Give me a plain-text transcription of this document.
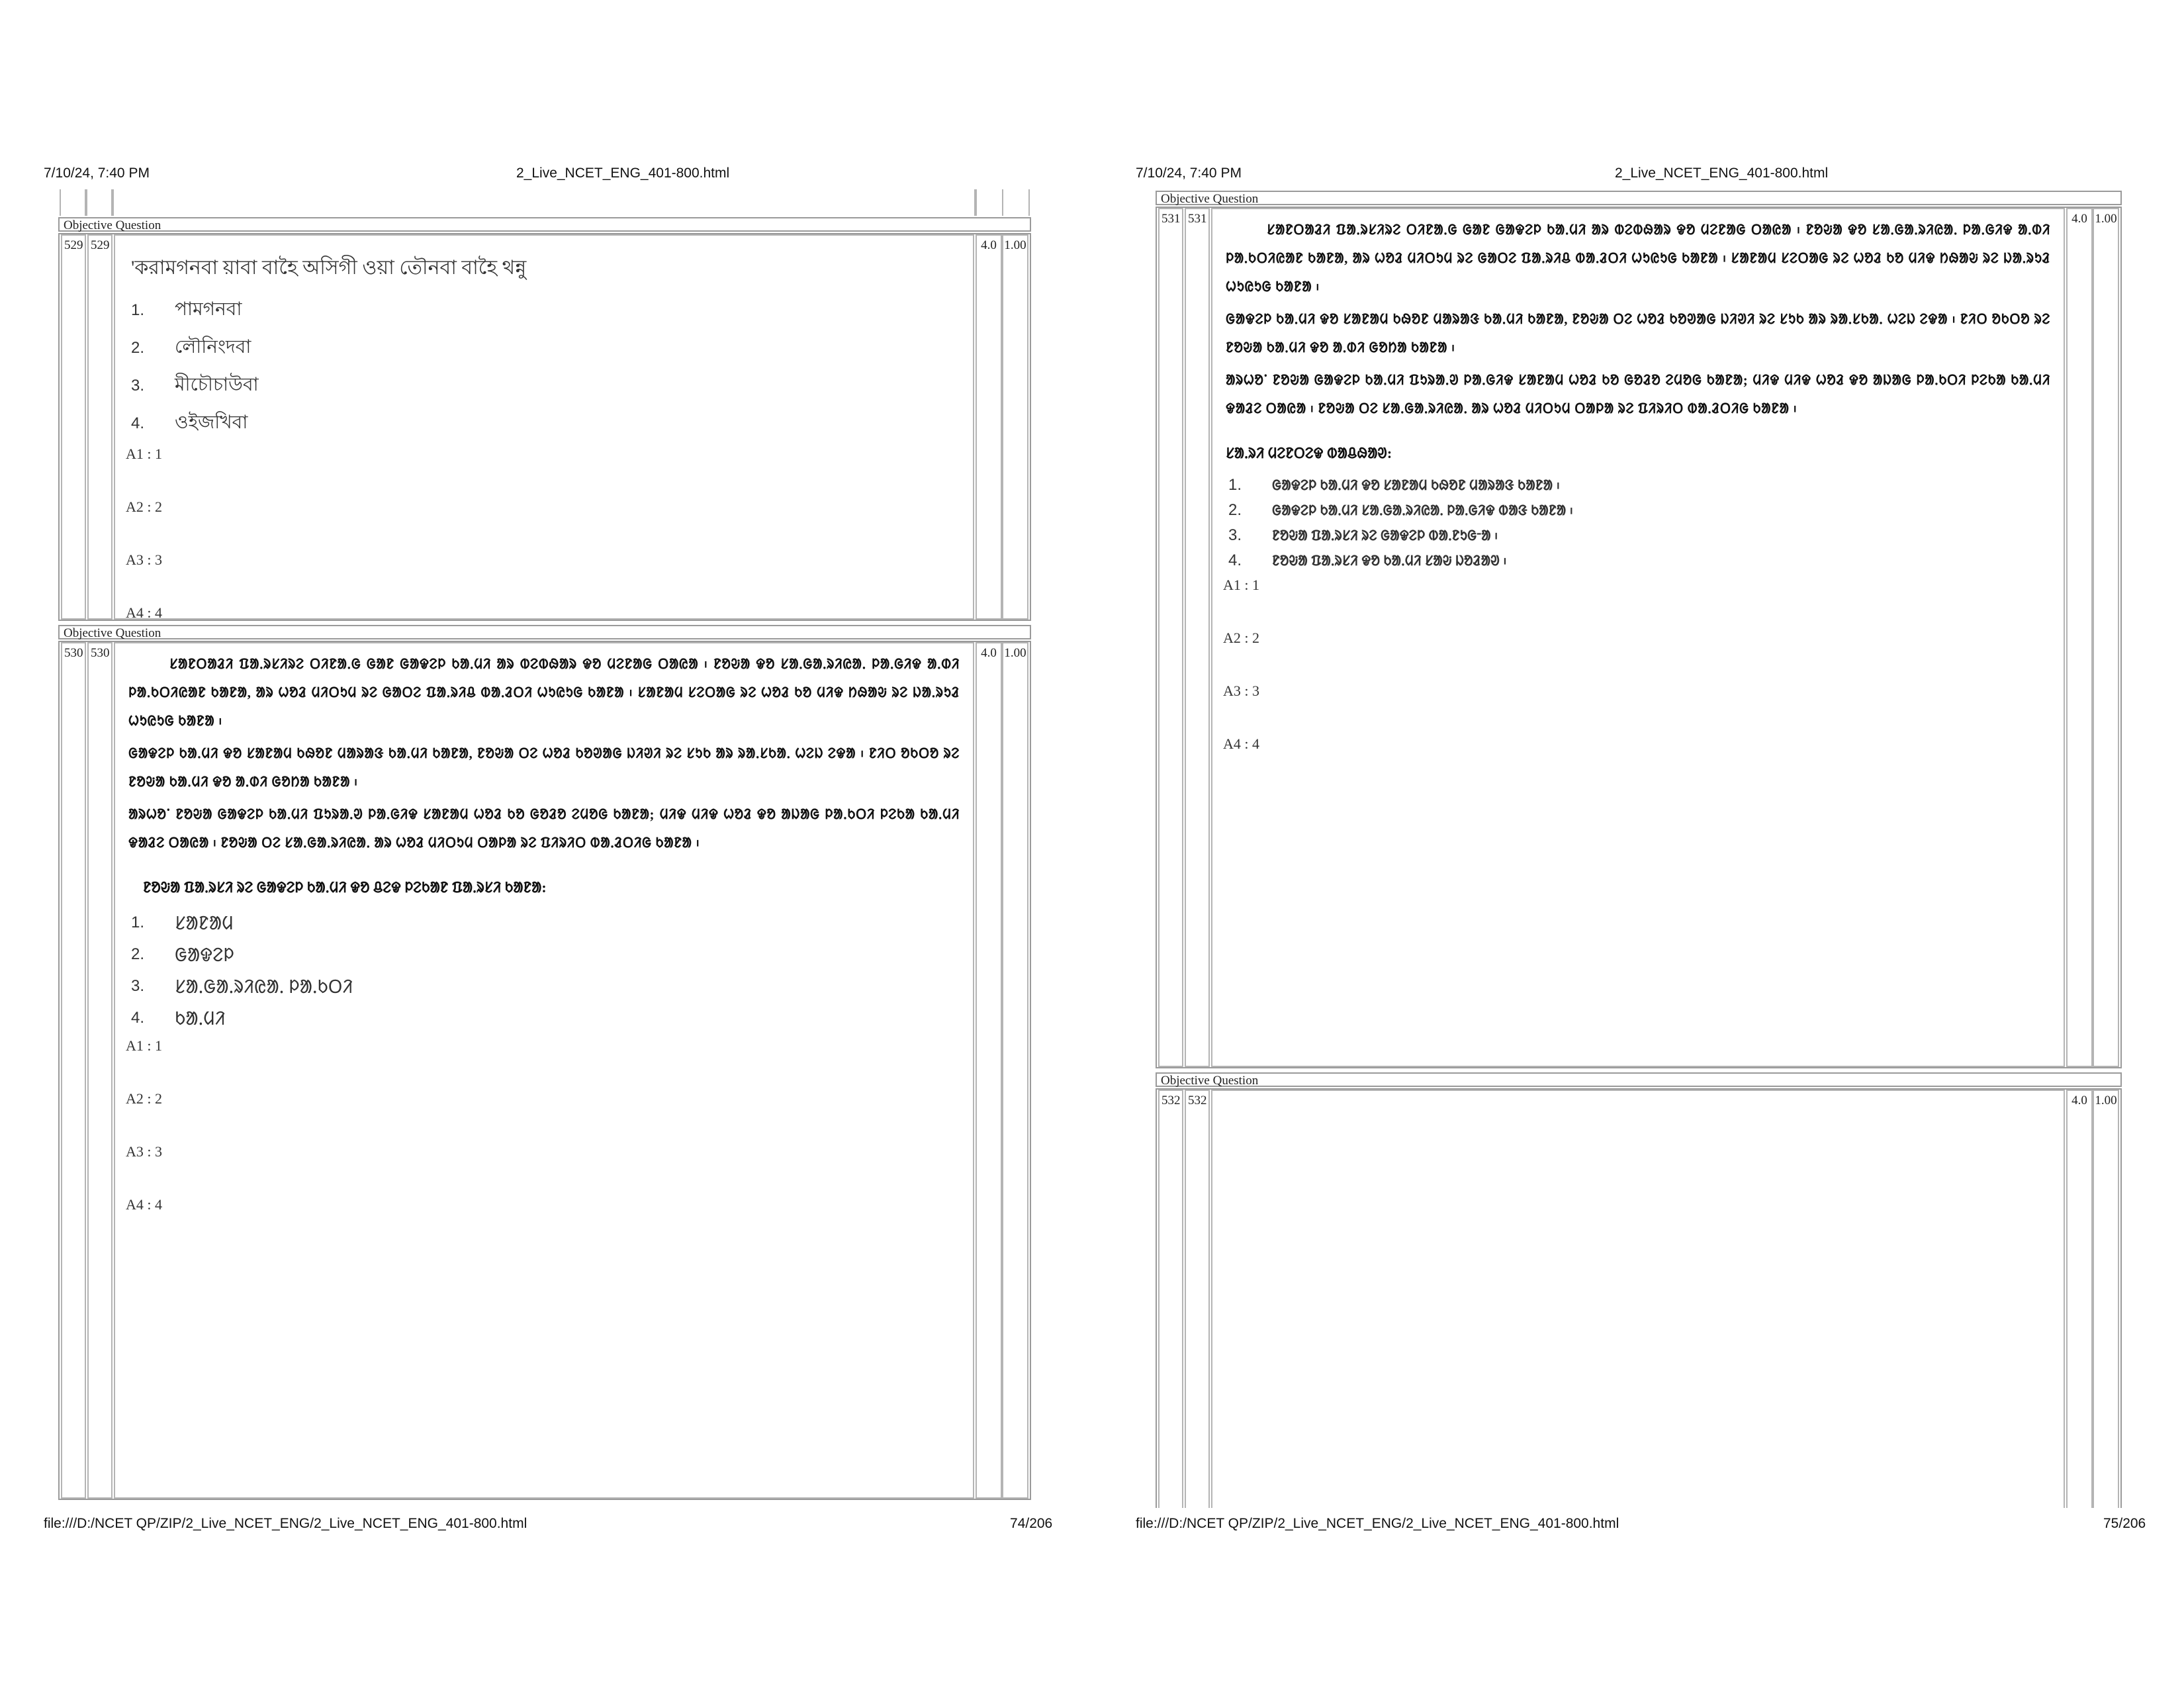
7/10/24, 7:40 PM	2_Live_NCET_ENG_401-800.html
Objective Question
529 529
'করামগনবা য়াবা বাহৈ অসিগী ওয়া তৌনবা বাহৈ থন্নু
1.	পামগনবা
2.	লৌনিংদবা
3.	মীচৌচাউবা
4.	ওইজখিবা
A1 : 1
A2 : 2
A3 : 3
A4 : 4
4.0 1.00
Objective Question
530 530

ᱥᱟᱱᱛᱟᱲᱤ ᱯᱟᱹᱨᱥᱤᱨᱮ ᱛᱤᱱᱟᱹᱜ ᱜᱟᱱ ᱜᱟᱫᱮᱞ ᱠᱟᱹᱢᱤ ᱟᱨ ᱵᱮᱵᱷᱟᱨ ᱫᱚ ᱢᱮᱱᱟᱜ ᱛᱟᱭᱟ ᱾ ᱱᱚᱶᱟ ᱫᱚ ᱥᱟᱹᱜᱟᱹᱨᱤᱭᱟᱹ ᱞᱟᱹᱜᱤᱫ ᱟᱹᱰᱤ ᱞᱟᱹᱠᱛᱤᱭᱟᱱ ᱠᱟᱱᱟ, ᱟᱨ ᱦᱚᱲ ᱢᱤᱛᱩᱢ ᱨᱮ ᱜᱟᱛᱮ ᱯᱟᱹᱨᱤᱪ ᱵᱟᱹᱲᱛᱤ ᱦᱩᱭᱩᱜ ᱠᱟᱱᱟ ᱾ ᱥᱟᱱᱟᱢ ᱥᱮᱛᱟᱜ ᱨᱮ ᱦᱚᱲ ᱠᱚ ᱢᱤᱫ ᱴᱷᱟᱶ ᱨᱮ ᱡᱟᱹᱨᱩᱲ ᱦᱩᱭᱩᱜ ᱠᱟᱱᱟ ᱾

ᱜᱟᱫᱮᱞ ᱠᱟᱹᱢᱤ ᱫᱚ ᱥᱟᱱᱟᱢ ᱠᱷᱚᱱ ᱢᱟᱨᱟᱝ ᱠᱟᱹᱢᱤ ᱠᱟᱱᱟ, ᱱᱚᱶᱟ ᱛᱮ ᱦᱚᱲ ᱠᱚᱣᱟᱜ ᱡᱤᱣᱤ ᱨᱮ ᱥᱩᱠ ᱟᱨ ᱨᱟᱹᱥᱠᱟᱹ ᱦᱮᱡ ᱮᱫᱟ ᱾ ᱱᱤᱛ ᱚᱠᱛᱚ ᱨᱮ ᱱᱚᱶᱟ ᱠᱟᱹᱢᱤ ᱫᱚ ᱟᱹᱰᱤ ᱜᱚᱴᱟ ᱠᱟᱱᱟ ᱾

ᱟᱨᱦᱚᱸ ᱱᱚᱶᱟ ᱜᱟᱫᱮᱞ ᱠᱟᱹᱢᱤ ᱯᱩᱨᱟᱹᱣ ᱞᱟᱹᱜᱤᱫ ᱥᱟᱱᱟᱢ ᱦᱚᱲ ᱠᱚ ᱜᱚᱲᱚ ᱮᱢᱚᱜ ᱠᱟᱱᱟ; ᱢᱤᱫ ᱢᱤᱫ ᱦᱚᱲ ᱫᱚ ᱟᱡᱟᱜ ᱞᱟᱹᱠᱛᱤ ᱞᱮᱠᱟ ᱠᱟᱹᱢᱤ ᱫᱟᱲᱮ ᱛᱟᱭᱟ ᱾ ᱱᱚᱶᱟ ᱛᱮ ᱥᱟᱹᱜᱟᱹᱨᱤᱭᱟᱹ ᱟᱨ ᱦᱚᱲ ᱢᱤᱛᱩᱢ ᱛᱟᱞᱟ ᱨᱮ ᱯᱤᱨᱤᱛ ᱵᱟᱹᱲᱛᱤᱜ ᱠᱟᱱᱟ ᱾

ᱱᱚᱶᱟ ᱯᱟᱹᱨᱥᱤ ᱨᱮ ᱜᱟᱫᱮᱞ ᱠᱟᱹᱢᱤ ᱫᱚ ᱪᱮᱫ ᱞᱮᱠᱟᱱ ᱯᱟᱹᱨᱥᱤ ᱠᱟᱱᱟ:
1.	ᱥᱟᱱᱟᱢ
2.	ᱜᱟᱫᱮᱞ
3.	ᱥᱟᱹᱜᱟᱹᱨᱤᱭᱟᱹ ᱞᱟᱹᱠᱛᱤ
4.	ᱠᱟᱹᱢᱤ
A1 : 1
A2 : 2
A3 : 3
A4 : 4
4.0 1.00
file:///D:/NCET QP/ZIP/2_Live_NCET_ENG/2_Live_NCET_ENG_401-800.html	74/206
7/10/24, 7:40 PM	2_Live_NCET_ENG_401-800.html
Objective Question
531 531

ᱥᱟᱱᱛᱟᱲᱤ ᱯᱟᱹᱨᱥᱤᱨᱮ ᱛᱤᱱᱟᱹᱜ ᱜᱟᱱ ᱜᱟᱫᱮᱞ ᱠᱟᱹᱢᱤ ᱟᱨ ᱵᱮᱵᱷᱟᱨ ᱫᱚ ᱢᱮᱱᱟᱜ ᱛᱟᱭᱟ ᱾ ᱱᱚᱶᱟ ᱫᱚ ᱥᱟᱹᱜᱟᱹᱨᱤᱭᱟᱹ ᱞᱟᱹᱜᱤᱫ ᱟᱹᱰᱤ ᱞᱟᱹᱠᱛᱤᱭᱟᱱ ᱠᱟᱱᱟ, ᱟᱨ ᱦᱚᱲ ᱢᱤᱛᱩᱢ ᱨᱮ ᱜᱟᱛᱮ ᱯᱟᱹᱨᱤᱪ ᱵᱟᱹᱲᱛᱤ ᱦᱩᱭᱩᱜ ᱠᱟᱱᱟ ᱾ ᱥᱟᱱᱟᱢ ᱥᱮᱛᱟᱜ ᱨᱮ ᱦᱚᱲ ᱠᱚ ᱢᱤᱫ ᱴᱷᱟᱶ ᱨᱮ ᱡᱟᱹᱨᱩᱲ ᱦᱩᱭᱩᱜ ᱠᱟᱱᱟ ᱾

ᱜᱟᱫᱮᱞ ᱠᱟᱹᱢᱤ ᱫᱚ ᱥᱟᱱᱟᱢ ᱠᱷᱚᱱ ᱢᱟᱨᱟᱝ ᱠᱟᱹᱢᱤ ᱠᱟᱱᱟ, ᱱᱚᱶᱟ ᱛᱮ ᱦᱚᱲ ᱠᱚᱣᱟᱜ ᱡᱤᱣᱤ ᱨᱮ ᱥᱩᱠ ᱟᱨ ᱨᱟᱹᱥᱠᱟᱹ ᱦᱮᱡ ᱮᱫᱟ ᱾ ᱱᱤᱛ ᱚᱠᱛᱚ ᱨᱮ ᱱᱚᱶᱟ ᱠᱟᱹᱢᱤ ᱫᱚ ᱟᱹᱰᱤ ᱜᱚᱴᱟ ᱠᱟᱱᱟ ᱾

ᱟᱨᱦᱚᱸ ᱱᱚᱶᱟ ᱜᱟᱫᱮᱞ ᱠᱟᱹᱢᱤ ᱯᱩᱨᱟᱹᱣ ᱞᱟᱹᱜᱤᱫ ᱥᱟᱱᱟᱢ ᱦᱚᱲ ᱠᱚ ᱜᱚᱲᱚ ᱮᱢᱚᱜ ᱠᱟᱱᱟ; ᱢᱤᱫ ᱢᱤᱫ ᱦᱚᱲ ᱫᱚ ᱟᱡᱟᱜ ᱞᱟᱹᱠᱛᱤ ᱞᱮᱠᱟ ᱠᱟᱹᱢᱤ ᱫᱟᱲᱮ ᱛᱟᱭᱟ ᱾ ᱱᱚᱶᱟ ᱛᱮ ᱥᱟᱹᱜᱟᱹᱨᱤᱭᱟᱹ ᱟᱨ ᱦᱚᱲ ᱢᱤᱛᱩᱢ ᱛᱟᱞᱟ ᱨᱮ ᱯᱤᱨᱤᱛ ᱵᱟᱹᱲᱛᱤᱜ ᱠᱟᱱᱟ ᱾

ᱥᱟᱹᱨᱤ ᱢᱮᱱᱛᱮᱫ ᱵᱟᱪᱷᱟᱣ:
1.	ᱜᱟᱫᱮᱞ ᱠᱟᱹᱢᱤ ᱫᱚ ᱥᱟᱱᱟᱢ ᱠᱷᱚᱱ ᱢᱟᱨᱟᱝ ᱠᱟᱱᱟ ᱾
2.	ᱜᱟᱫᱮᱞ ᱠᱟᱹᱢᱤ ᱥᱟᱹᱜᱟᱹᱨᱤᱭᱟᱹ ᱞᱟᱹᱜᱤᱫ ᱵᱟᱝ ᱠᱟᱱᱟ ᱾
3.	ᱱᱚᱶᱟ ᱯᱟᱹᱨᱥᱤ ᱨᱮ ᱜᱟᱫᱮᱞ ᱵᱟᱹᱱᱩᱜᱼᱟ ᱾
4.	ᱱᱚᱶᱟ ᱯᱟᱹᱨᱥᱤ ᱫᱚ ᱠᱟᱹᱢᱤ ᱥᱟᱶ ᱡᱚᱲᱟᱣ ᱾
A1 : 1
A2 : 2
A3 : 3
A4 : 4
4.0 1.00
Objective Question
532 532	4.0 1.00
file:///D:/NCET QP/ZIP/2_Live_NCET_ENG/2_Live_NCET_ENG_401-800.html	75/206
